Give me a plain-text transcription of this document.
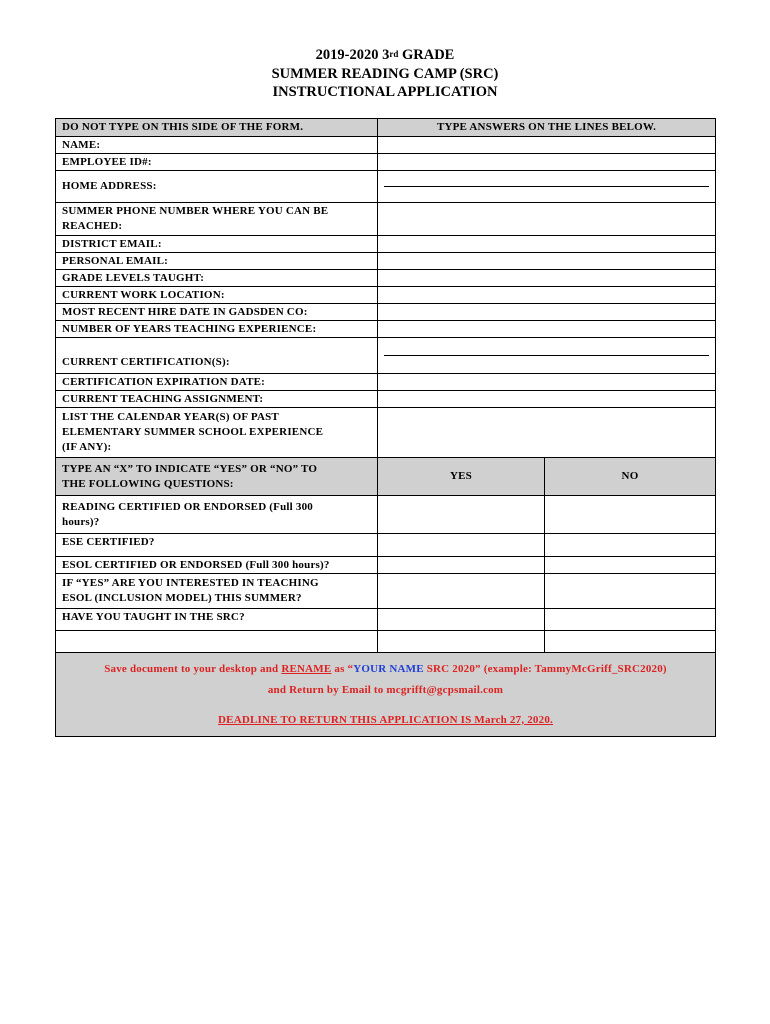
2019-2020 3rd GRADE
SUMMER READING CAMP (SRC)
INSTRUCTIONAL APPLICATION
DO NOT TYPE ON THIS SIDE OF THE FORM.	TYPE ANSWERS ON THE LINES BELOW.
NAME:	
EMPLOYEE ID#:	
HOME ADDRESS:	

SUMMER PHONE NUMBER WHERE YOU CAN BE
REACHED:

DISTRICT EMAIL:	
PERSONAL EMAIL:	
GRADE LEVELS TAUGHT:	
CURRENT WORK LOCATION:	
MOST RECENT HIRE DATE IN GADSDEN CO:	
NUMBER OF YEARS TEACHING EXPERIENCE:	
CURRENT CERTIFICATION(S):	

CERTIFICATION EXPIRATION DATE:	
CURRENT TEACHING ASSIGNMENT:	

LIST THE CALENDAR YEAR(S) OF PAST
ELEMENTARY SUMMER SCHOOL EXPERIENCE
(IF ANY):

TYPE AN “X” TO INDICATE “YES” OR “NO” TO
THE FOLLOWING QUESTIONS:
	YES	NO

READING CERTIFIED OR ENDORSED (Full 300
hours)?

ESE CERTIFIED?		
ESOL CERTIFIED OR ENDORSED (Full 300 hours)?		

IF “YES” ARE YOU INTERESTED IN TEACHING
ESOL (INCLUSION MODEL) THIS SUMMER?

HAVE YOU TAUGHT IN THE SRC?		

Save document to your desktop and RENAME as “YOUR NAME SRC 2020” (example: TammyMcGriff_SRC2020)
and Return by Email to mcgrifft@gcpsmail.com
DEADLINE TO RETURN THIS APPLICATION IS March 27, 2020.
